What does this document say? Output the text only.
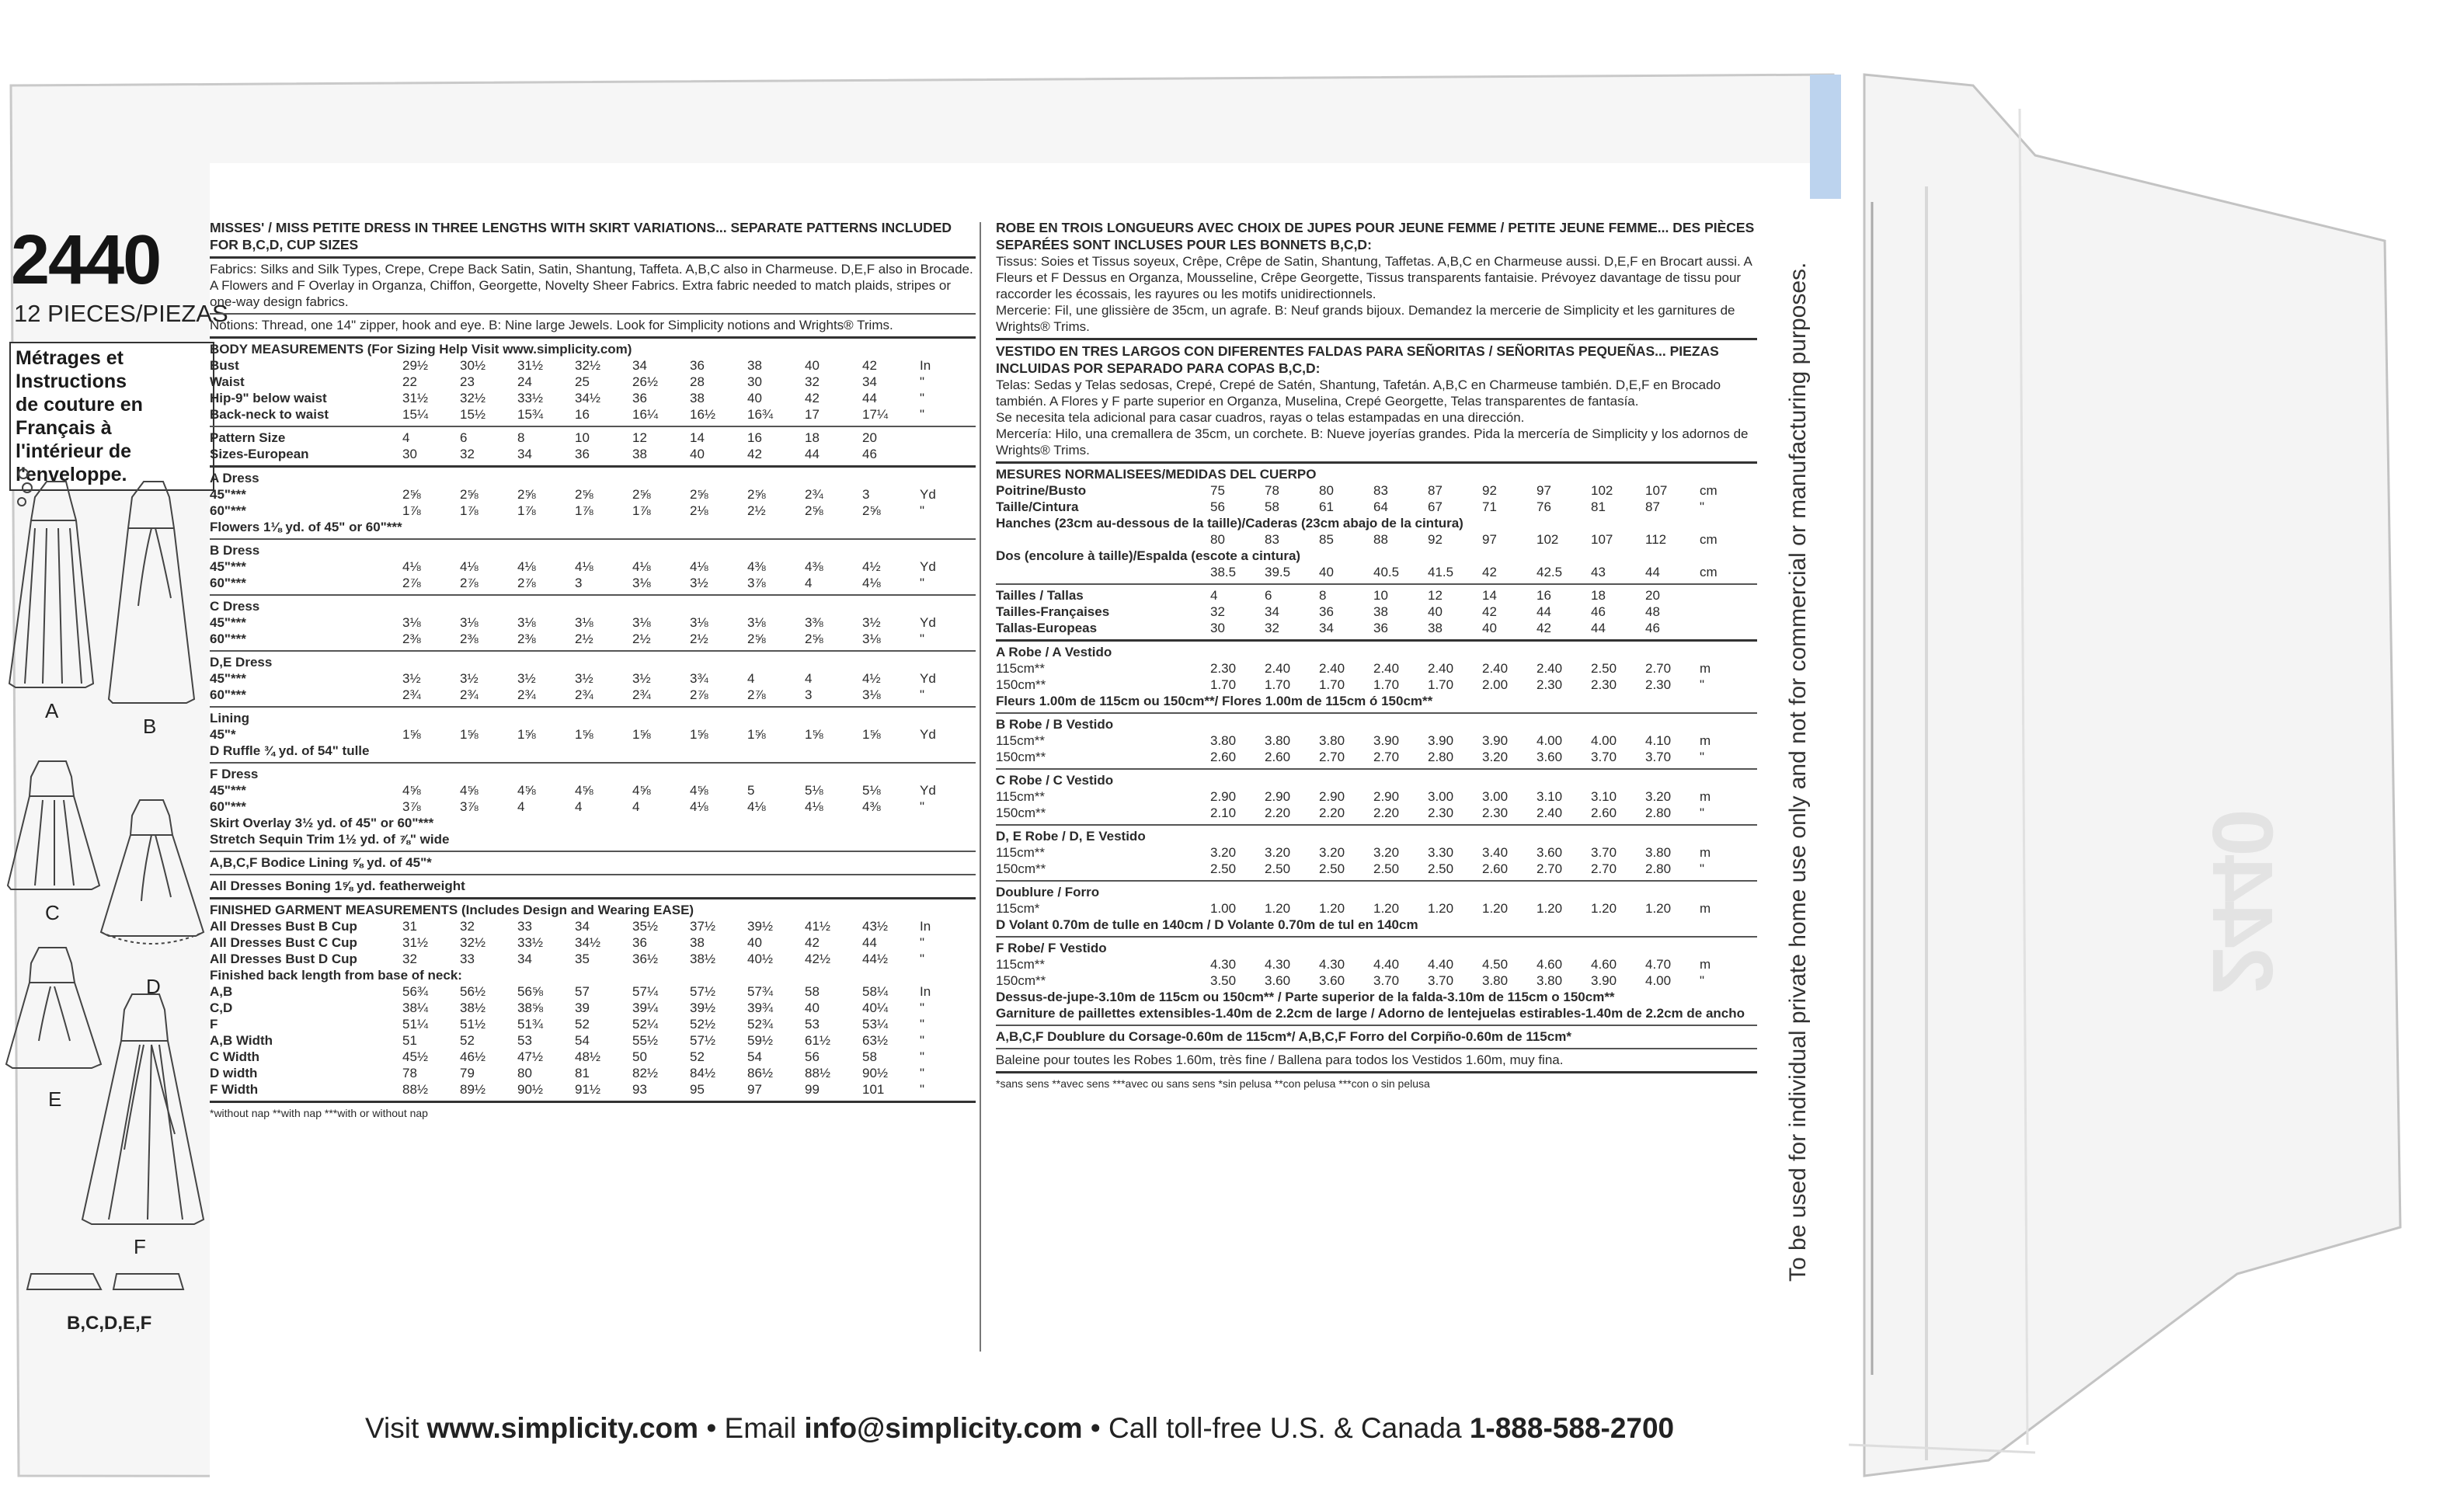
2440
12 PIECES/PIEZAS
Métrages et Instructions
de couture en Français à
l'intérieur de
l'enveloppe.
A
B
C
D
E
F
B,C,D,E,F
MISSES' / MISS PETITE DRESS IN THREE LENGTHS WITH SKIRT VARIATIONS... SEPARATE PATTERNS INCLUDED FOR B,C,D, CUP SIZES

Fabrics: Silks and Silk Types, Crepe, Crepe Back Satin, Satin, Shantung, Taffeta. A,B,C also in Charmeuse. D,E,F also in Brocade. A Flowers and F Overlay in Organza, Chiffon, Georgette, Novelty Sheer Fabrics. Extra fabric needed to match plaids, stripes or one-way design fabrics.

Notions: Thread, one 14" zipper, hook and eye. B: Nine large Jewels. Look for Simplicity notions and Wrights® Trims.

BODY MEASUREMENTS (For Sizing Help Visit www.simplicity.com)
Bust	29½	30½	31½	32½	34	36	38	40	42	In
Waist	22	23	24	25	26½	28	30	32	34	"
Hip-9" below waist	31½	32½	33½	34½	36	38	40	42	44	"
Back-neck to waist	15¼	15½	15¾	16	16¼	16½	16¾	17	17¼	"
Pattern Size	4	6	8	10	12	14	16	18	20
Sizes-European	30	32	34	36	38	40	42	44	46
A Dress
45"***	2⅝	2⅝	2⅝	2⅝	2⅝	2⅝	2⅝	2¾	3	Yd
60"***	1⅞	1⅞	1⅞	1⅞	1⅞	2⅛	2½	2⅝	2⅝	"
Flowers 1⅛ yd. of 45" or 60"***
B Dress
45"***	4⅛	4⅛	4⅛	4⅛	4⅛	4⅛	4⅜	4⅜	4½	Yd
60"***	2⅞	2⅞	2⅞	3	3⅛	3½	3⅞	4	4⅛	"
C Dress
45"***	3⅛	3⅛	3⅛	3⅛	3⅛	3⅛	3⅛	3⅜	3½	Yd
60"***	2⅜	2⅜	2⅜	2½	2½	2½	2⅝	2⅝	3⅛	"
D,E Dress
45"***	3½	3½	3½	3½	3½	3¾	4	4	4½	Yd
60"***	2¾	2¾	2¾	2¾	2¾	2⅞	2⅞	3	3⅛	"
Lining
45"*	1⅝	1⅝	1⅝	1⅝	1⅝	1⅝	1⅝	1⅝	1⅝	Yd
D Ruffle ¾ yd. of 54" tulle
F Dress
45"***	4⅝	4⅝	4⅝	4⅝	4⅝	4⅝	5	5⅛	5⅛	Yd
60"***	3⅞	3⅞	4	4	4	4⅛	4⅛	4⅛	4⅜	"
Skirt Overlay 3½ yd. of 45" or 60"***
Stretch Sequin Trim 1½ yd. of ⅞" wide
A,B,C,F Bodice Lining ⅝ yd. of 45"*
All Dresses Boning 1⅝ yd. featherweight
FINISHED GARMENT MEASUREMENTS (Includes Design and Wearing EASE)
All Dresses Bust B Cup	31	32	33	34	35½	37½	39½	41½	43½	In
All Dresses Bust C Cup	31½	32½	33½	34½	36	38	40	42	44	"
All Dresses Bust D Cup	32	33	34	35	36½	38½	40½	42½	44½	"
Finished back length from base of neck:
A,B	56¾	56½	56⅝	57	57¼	57½	57¾	58	58¼	In
C,D	38¼	38½	38⅝	39	39¼	39½	39¾	40	40¼	"
F	51¼	51½	51¾	52	52¼	52½	52¾	53	53¼	"
A,B Width	51	52	53	54	55½	57½	59½	61½	63½	"
C Width	45½	46½	47½	48½	50	52	54	56	58	"
D width	78	79	80	81	82½	84½	86½	88½	90½	"
F Width	88½	89½	90½	91½	93	95	97	99	101	"
*without nap **with nap ***with or without nap
ROBE EN TROIS LONGUEURS AVEC CHOIX DE JUPES POUR JEUNE FEMME / PETITE JEUNE FEMME... DES PIÈCES SEPARÉES SONT INCLUSES POUR LES BONNETS B,C,D:

Tissus: Soies et Tissus soyeux, Crêpe, Crêpe de Satin, Shantung, Taffetas. A,B,C en Charmeuse aussi. D,E,F en Brocart aussi. A Fleurs et F Dessus en Organza, Mousseline, Crêpe Georgette, Tissus transparents fantaisie. Prévoyez davantage de tissu pour raccorder les écossais, les rayures ou les motifs unidirectionnels.

Mercerie: Fil, une glissière de 35cm, un agrafe. B: Neuf grands bijoux. Demandez la mercerie de Simplicity et les garnitures de Wrights® Trims.

VESTIDO EN TRES LARGOS CON DIFERENTES FALDAS PARA SEÑORITAS / SEÑORITAS PEQUEÑAS... PIEZAS INCLUIDAS POR SEPARADO PARA COPAS B,C,D:

Telas: Sedas y Telas sedosas, Crepé, Crepé de Satén, Shantung, Tafetán. A,B,C en Charmeuse también. D,E,F en Brocado también. A Flores y F parte superior en Organza, Muselina, Crepé Georgette, Telas transparentes de fantasía.

Se necesita tela adicional para casar cuadros, rayas o telas estampadas en una dirección.

Mercería: Hilo, una cremallera de 35cm, un corchete. B: Nueve joyerías grandes. Pida la mercería de Simplicity y los adornos de Wrights® Trims.

MESURES NORMALISEES/MEDIDAS DEL CUERPO
Poitrine/Busto	75	78	80	83	87	92	97	102	107	cm
Taille/Cintura	56	58	61	64	67	71	76	81	87	"
Hanches (23cm au-dessous de la taille)/Caderas (23cm abajo de la cintura)
80	83	85	88	92	97	102	107	112	cm
Dos (encolure à taille)/Espalda (escote a cintura)
38.5	39.5	40	40.5	41.5	42	42.5	43	44	cm
Tailles / Tallas	4	6	8	10	12	14	16	18	20
Tailles-Françaises	32	34	36	38	40	42	44	46	48
Tallas-Europeas	30	32	34	36	38	40	42	44	46
A Robe / A Vestido
115cm**	2.30	2.40	2.40	2.40	2.40	2.40	2.40	2.50	2.70	m
150cm**	1.70	1.70	1.70	1.70	1.70	2.00	2.30	2.30	2.30	"
Fleurs 1.00m de 115cm ou 150cm**/ Flores 1.00m de 115cm ó 150cm**
B Robe / B Vestido
115cm**	3.80	3.80	3.80	3.90	3.90	3.90	4.00	4.00	4.10	m
150cm**	2.60	2.60	2.70	2.70	2.80	3.20	3.60	3.70	3.70	"
C Robe / C Vestido
115cm**	2.90	2.90	2.90	2.90	3.00	3.00	3.10	3.10	3.20	m
150cm**	2.10	2.20	2.20	2.20	2.30	2.30	2.40	2.60	2.80	"
D, E Robe / D, E Vestido
115cm**	3.20	3.20	3.20	3.20	3.30	3.40	3.60	3.70	3.80	m
150cm**	2.50	2.50	2.50	2.50	2.50	2.60	2.70	2.70	2.80	"
Doublure / Forro
115cm*	1.00	1.20	1.20	1.20	1.20	1.20	1.20	1.20	1.20	m
D Volant 0.70m de tulle en 140cm / D Volante 0.70m de tul en 140cm
F Robe/ F Vestido
115cm**	4.30	4.30	4.30	4.40	4.40	4.50	4.60	4.60	4.70	m
150cm**	3.50	3.60	3.60	3.70	3.70	3.80	3.80	3.90	4.00	"
Dessus-de-jupe-3.10m de 115cm ou 150cm** / Parte superior de la falda-3.10m de 115cm o 150cm**
Garniture de paillettes extensibles-1.40m de 2.2cm de large / Adorno de lentejuelas estirables-1.40m de 2.2cm de ancho
A,B,C,F Doublure du Corsage-0.60m de 115cm*/ A,B,C,F Forro del Corpiño-0.60m de 115cm*
Baleine pour toutes les Robes 1.60m, très fine / Ballena para todos los Vestidos 1.60m, muy fina.
*sans sens **avec sens ***avec ou sans sens *sin pelusa **con pelusa ***con o sin pelusa
Visit www.simplicity.com • Email info@simplicity.com • Call toll-free U.S. & Canada 1-888-588-2700
To be used for individual private home use only and not for commercial or manufacturing purposes.	2440
